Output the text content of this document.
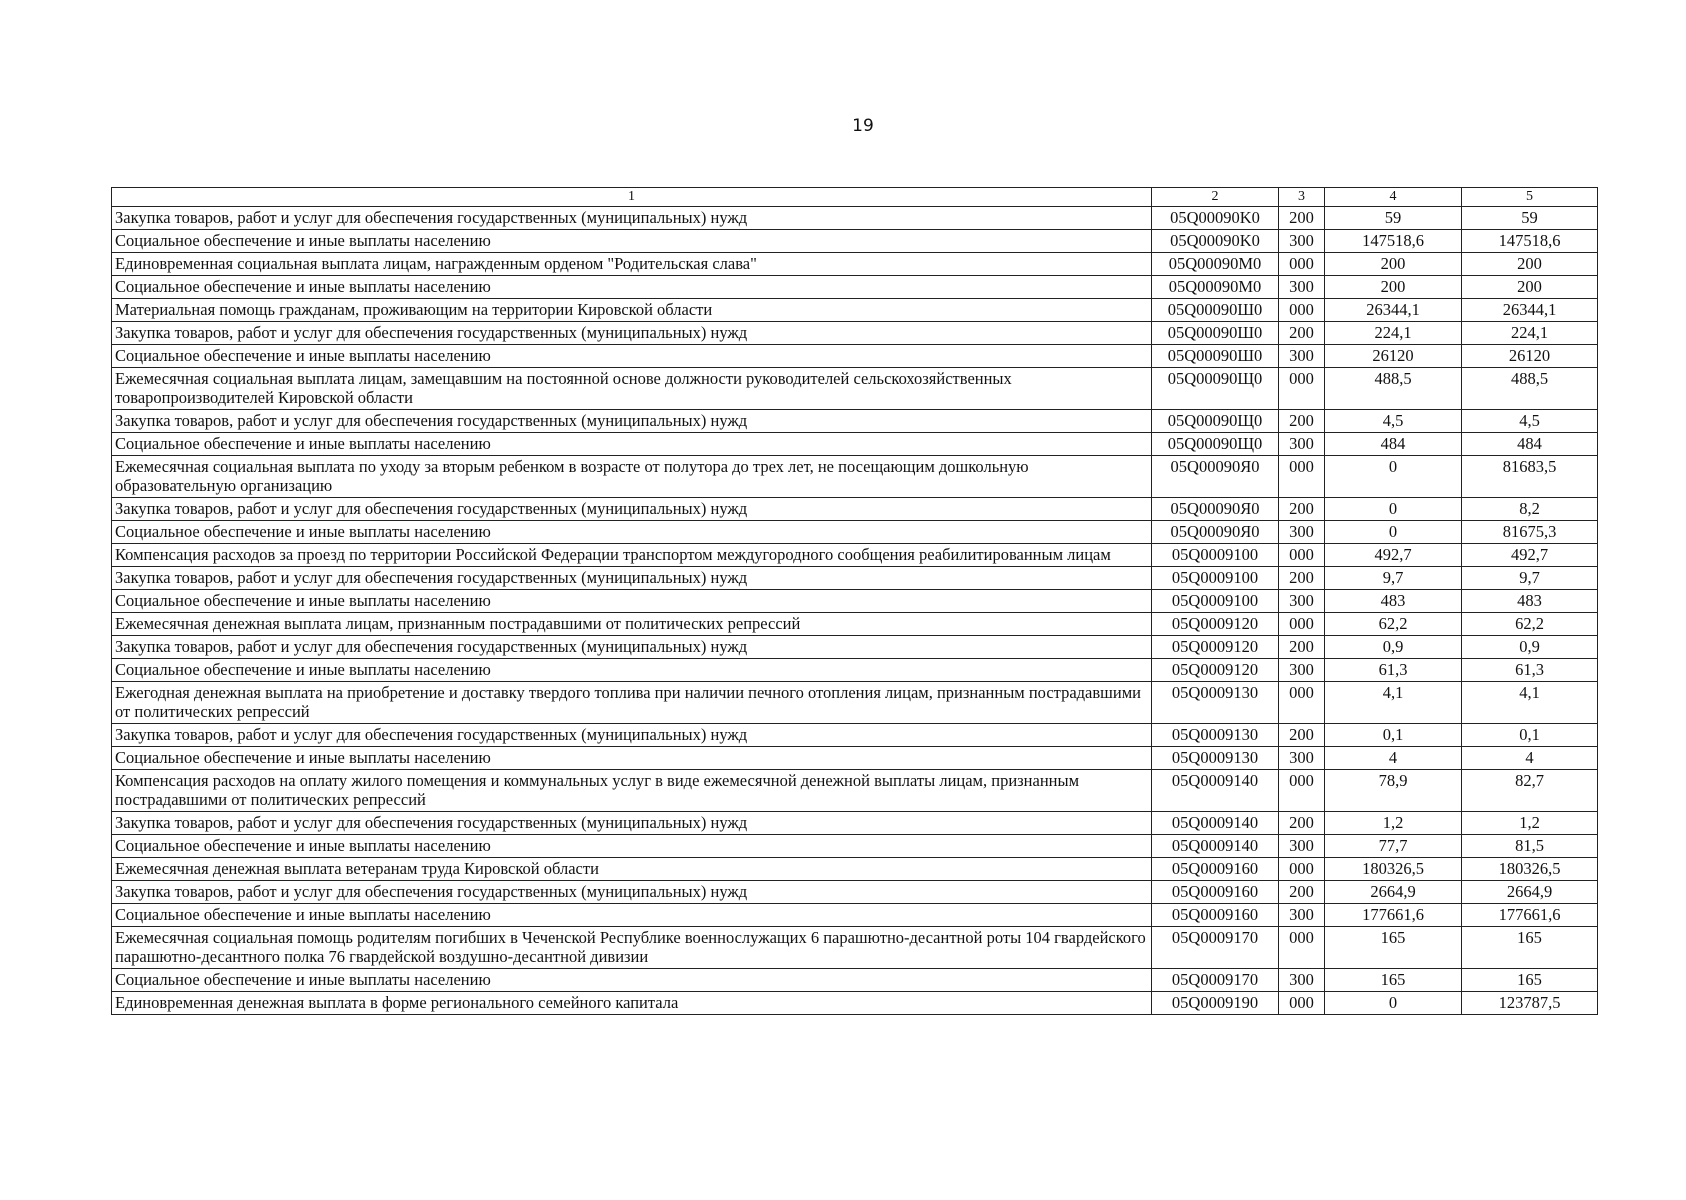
19
1	2	3	4	5
Закупка товаров, работ и услуг для обеспечения государственных (муниципальных) нужд	05Q00090K0	200	59	59
Социальное обеспечение и иные выплаты населению	05Q00090K0	300	147518,6	147518,6
Единовременная социальная выплата лицам, награжденным орденом "Родительская слава"	05Q00090M0	000	200	200
Социальное обеспечение и иные выплаты населению	05Q00090M0	300	200	200
Материальная помощь гражданам, проживающим на территории Кировской области	05Q00090Ш0	000	26344,1	26344,1
Закупка товаров, работ и услуг для обеспечения государственных (муниципальных) нужд	05Q00090Ш0	200	224,1	224,1
Социальное обеспечение и иные выплаты населению	05Q00090Ш0	300	26120	26120
Ежемесячная социальная выплата лицам, замещавшим на постоянной основе должности руководителей сельскохозяйственных товаропроизводителей Кировской области	05Q00090Щ0	000	488,5	488,5
Закупка товаров, работ и услуг для обеспечения государственных (муниципальных) нужд	05Q00090Щ0	200	4,5	4,5
Социальное обеспечение и иные выплаты населению	05Q00090Щ0	300	484	484
Ежемесячная социальная выплата по уходу за вторым ребенком в возрасте от полутора до трех лет, не посещающим дошкольную образовательную организацию	05Q00090Я0	000	0	81683,5
Закупка товаров, работ и услуг для обеспечения государственных (муниципальных) нужд	05Q00090Я0	200	0	8,2
Социальное обеспечение и иные выплаты населению	05Q00090Я0	300	0	81675,3
Компенсация расходов за проезд по территории Российской Федерации транспортом междугородного сообщения реабилитированным лицам	05Q0009100	000	492,7	492,7
Закупка товаров, работ и услуг для обеспечения государственных (муниципальных) нужд	05Q0009100	200	9,7	9,7
Социальное обеспечение и иные выплаты населению	05Q0009100	300	483	483
Ежемесячная денежная выплата лицам, признанным пострадавшими от политических репрессий	05Q0009120	000	62,2	62,2
Закупка товаров, работ и услуг для обеспечения государственных (муниципальных) нужд	05Q0009120	200	0,9	0,9
Социальное обеспечение и иные выплаты населению	05Q0009120	300	61,3	61,3
Ежегодная денежная выплата на приобретение и доставку твердого топлива при наличии печного отопления лицам, признанным пострадавшими от политических репрессий	05Q0009130	000	4,1	4,1
Закупка товаров, работ и услуг для обеспечения государственных (муниципальных) нужд	05Q0009130	200	0,1	0,1
Социальное обеспечение и иные выплаты населению	05Q0009130	300	4	4
Компенсация расходов на оплату жилого помещения и коммунальных услуг в виде ежемесячной денежной выплаты лицам, признанным пострадавшими от политических репрессий	05Q0009140	000	78,9	82,7
Закупка товаров, работ и услуг для обеспечения государственных (муниципальных) нужд	05Q0009140	200	1,2	1,2
Социальное обеспечение и иные выплаты населению	05Q0009140	300	77,7	81,5
Ежемесячная денежная выплата ветеранам труда Кировской области	05Q0009160	000	180326,5	180326,5
Закупка товаров, работ и услуг для обеспечения государственных (муниципальных) нужд	05Q0009160	200	2664,9	2664,9
Социальное обеспечение и иные выплаты населению	05Q0009160	300	177661,6	177661,6
Ежемесячная социальная помощь родителям погибших в Чеченской Республике военнослужащих 6 парашютно-десантной роты 104 гвардейского парашютно-десантного полка 76 гвардейской воздушно-десантной дивизии	05Q0009170	000	165	165
Социальное обеспечение и иные выплаты населению	05Q0009170	300	165	165
Единовременная денежная выплата в форме регионального семейного капитала	05Q0009190	000	0	123787,5
